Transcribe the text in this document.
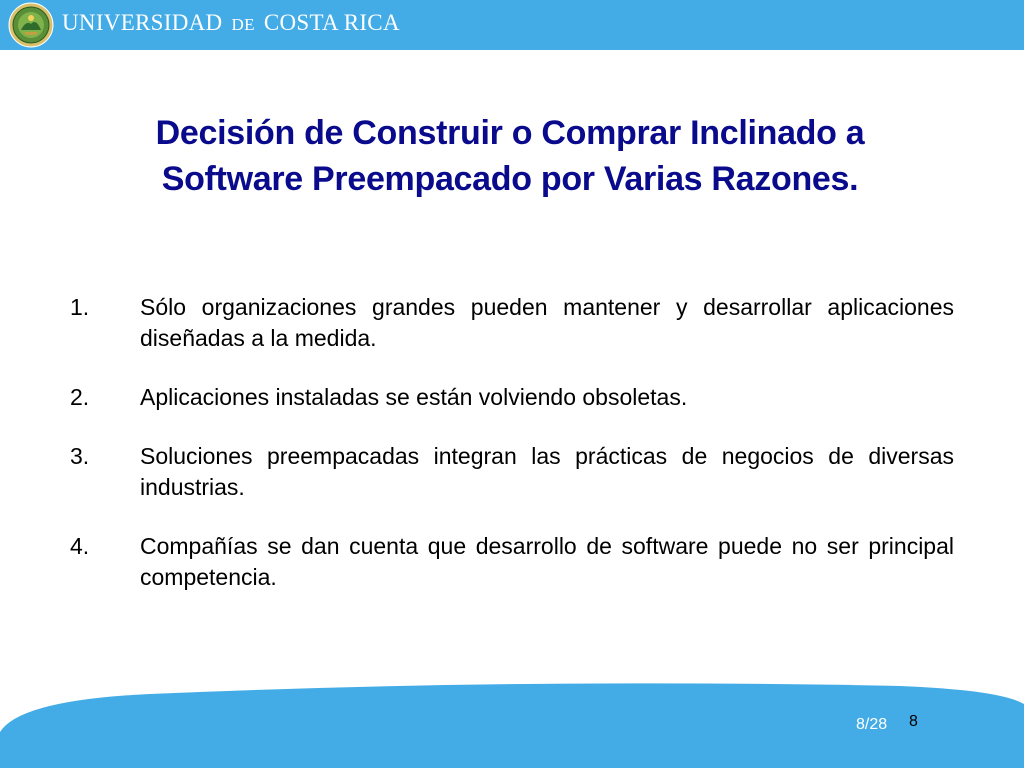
UNIVERSIDAD DE COSTA RICA
Decisión de Construir o Comprar Inclinado a
Software Preempacado por Varias Razones.
1. Sólo organizaciones grandes pueden mantener y desarrollar aplicaciones diseñadas a la medida.
2. Aplicaciones instaladas se están volviendo obsoletas.
3. Soluciones preempacadas integran las prácticas de negocios de diversas industrias.
4. Compañías se dan cuenta que desarrollo de software puede no ser principal competencia.
8/28 8
